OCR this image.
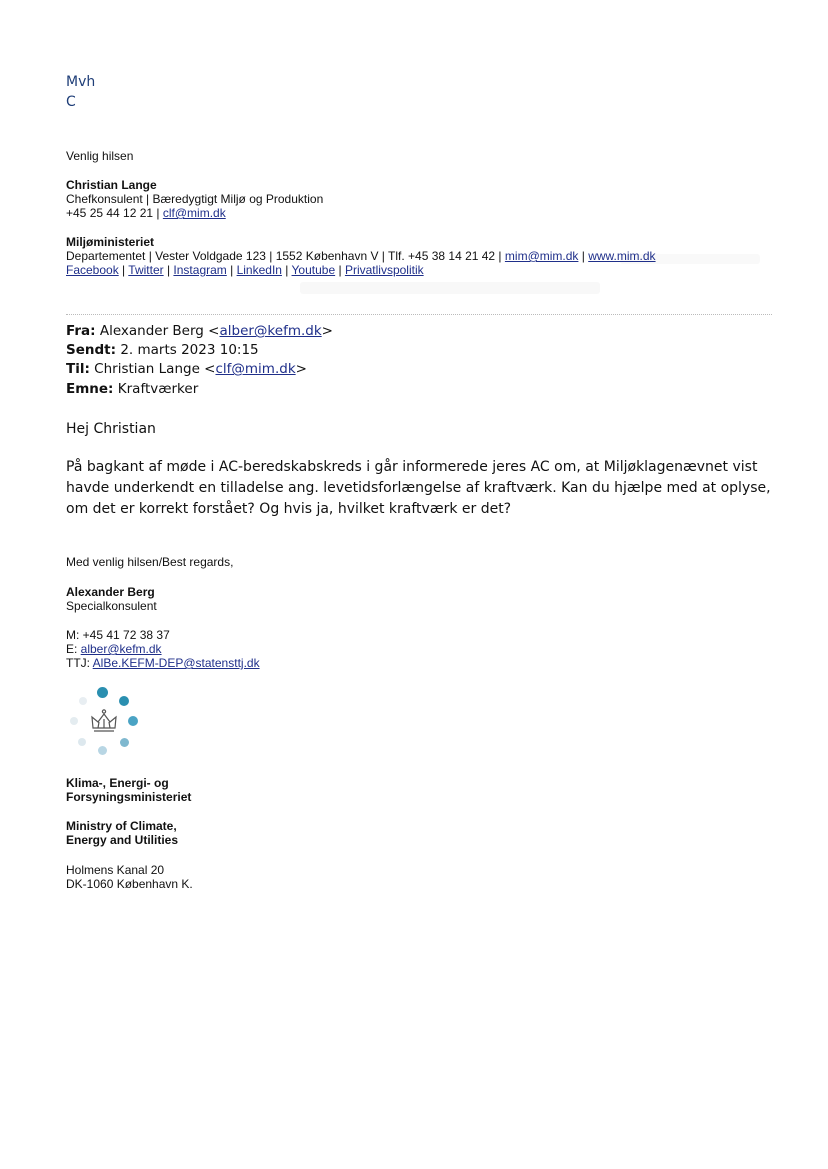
Mvh
C
Venlig hilsen
Christian Lange
Chefkonsulent | Bæredygtigt Miljø og Produktion
+45 25 44 12 21 | clf@mim.dk
Miljøministeriet
Departementet | Vester Voldgade 123 | 1552 København V | Tlf. +45 38 14 21 42 | mim@mim.dk | www.mim.dk
Facebook | Twitter | Instagram | LinkedIn | Youtube | Privatlivspolitik
Fra: Alexander Berg <alber@kefm.dk>
Sendt: 2. marts 2023 10:15
Til: Christian Lange <clf@mim.dk>
Emne: Kraftværker
Hej Christian
På bagkant af møde i AC-beredskabskreds i går informerede jeres AC om, at Miljøklagenævnet vist havde underkendt en tilladelse ang. levetidsforlængelse af kraftværk. Kan du hjælpe med at oplyse, om det er korrekt forstået? Og hvis ja, hvilket kraftværk er det?
Med venlig hilsen/Best regards,
Alexander Berg
Specialkonsulent
M: +45 41 72 38 37
E: alber@kefm.dk
TTJ: AlBe.KEFM-DEP@statensttj.dk
Klima-, Energi- og
Forsyningsministeriet
Ministry of Climate,
Energy and Utilities
Holmens Kanal 20
DK-1060 København K.
